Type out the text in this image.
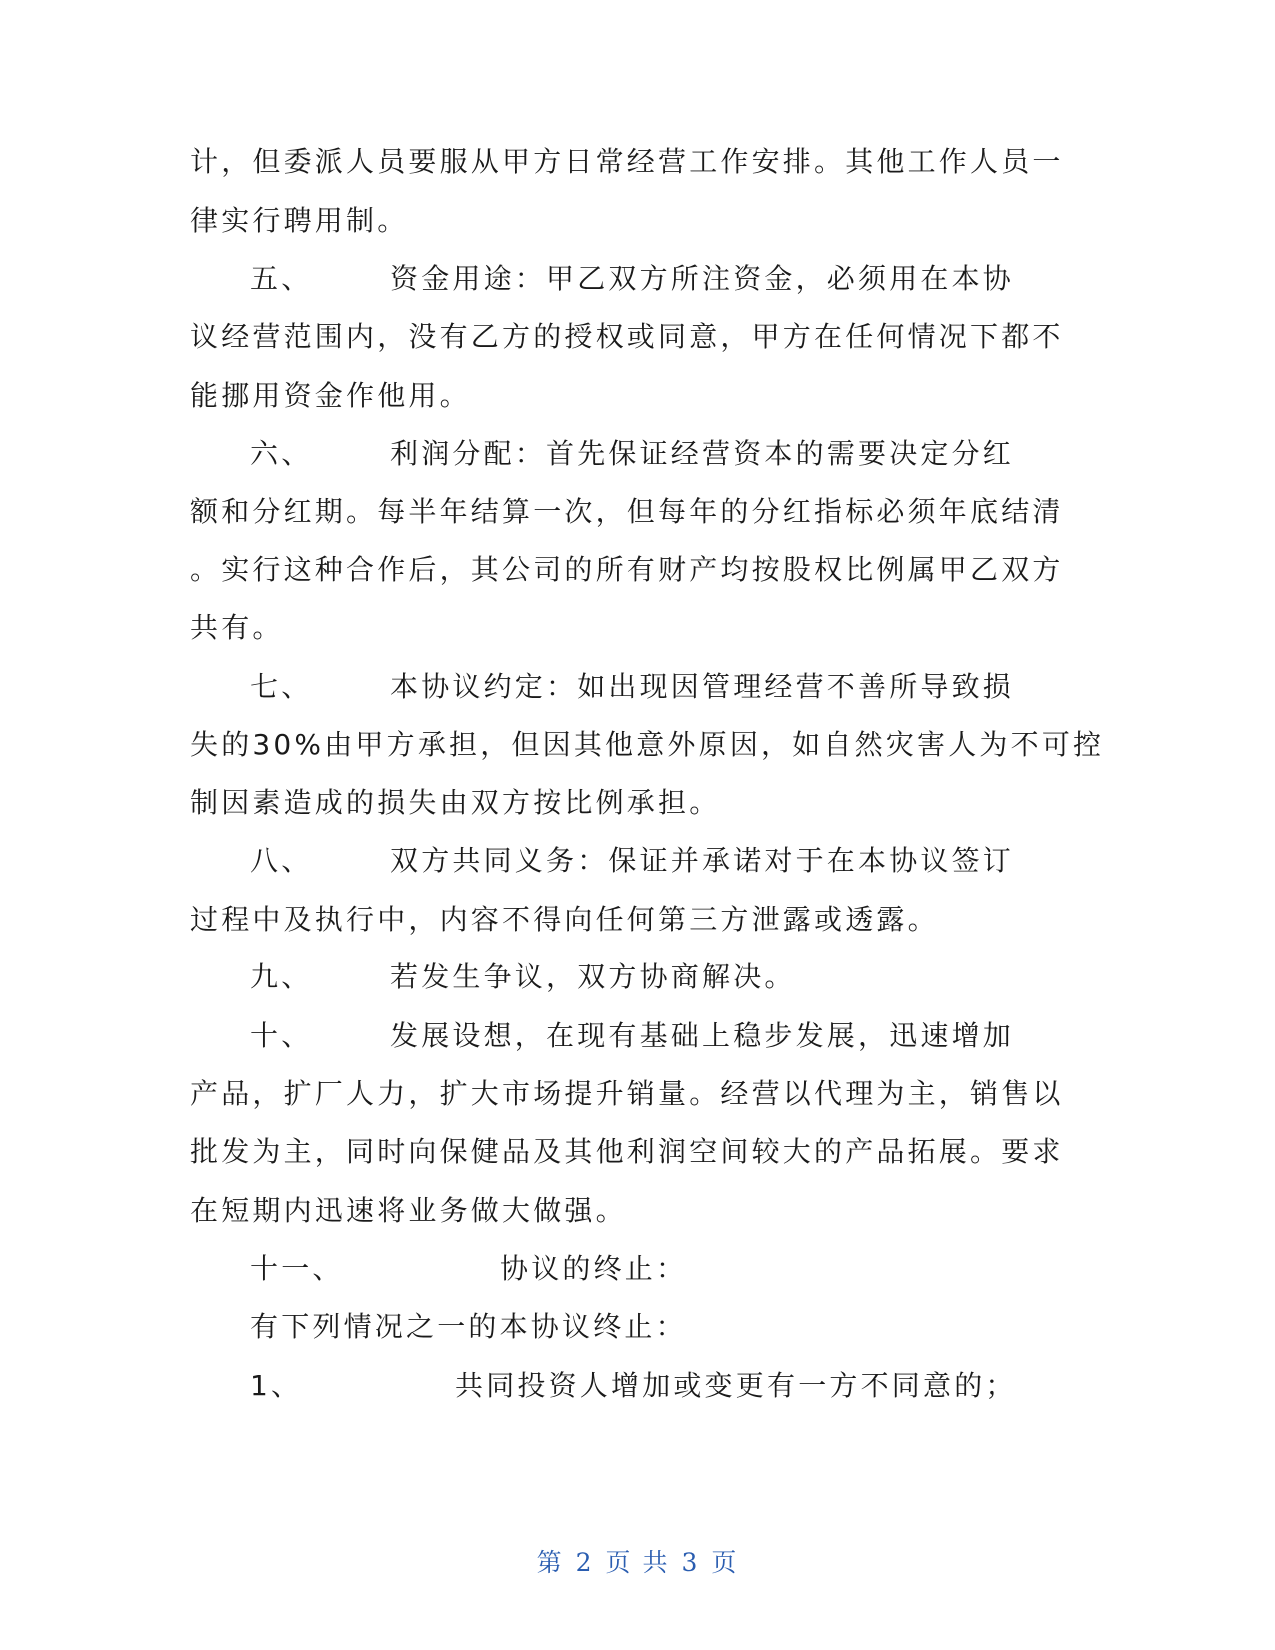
计，但委派人员要服从甲方日常经营工作安排。其他工作人员一
律实行聘用制。
五、	资金用途：甲乙双方所注资金，必须用在本协
议经营范围内，没有乙方的授权或同意，甲方在任何情况下都不
能挪用资金作他用。
六、	利润分配：首先保证经营资本的需要决定分红
额和分红期。每半年结算一次，但每年的分红指标必须年底结清
。实行这种合作后，其公司的所有财产均按股权比例属甲乙双方
共有。
七、	本协议约定：如出现因管理经营不善所导致损
失的30%由甲方承担，但因其他意外原因，如自然灾害人为不可控
制因素造成的损失由双方按比例承担。
八、	双方共同义务：保证并承诺对于在本协议签订
过程中及执行中，内容不得向任何第三方泄露或透露。
九、	若发生争议，双方协商解决。
十、	发展设想，在现有基础上稳步发展，迅速增加
产品，扩厂人力，扩大市场提升销量。经营以代理为主，销售以
批发为主，同时向保健品及其他利润空间较大的产品拓展。要求
在短期内迅速将业务做大做强。
十一、	协议的终止：
有下列情况之一的本协议终止：
1、	共同投资人增加或变更有一方不同意的；
第 2 页 共 3 页
